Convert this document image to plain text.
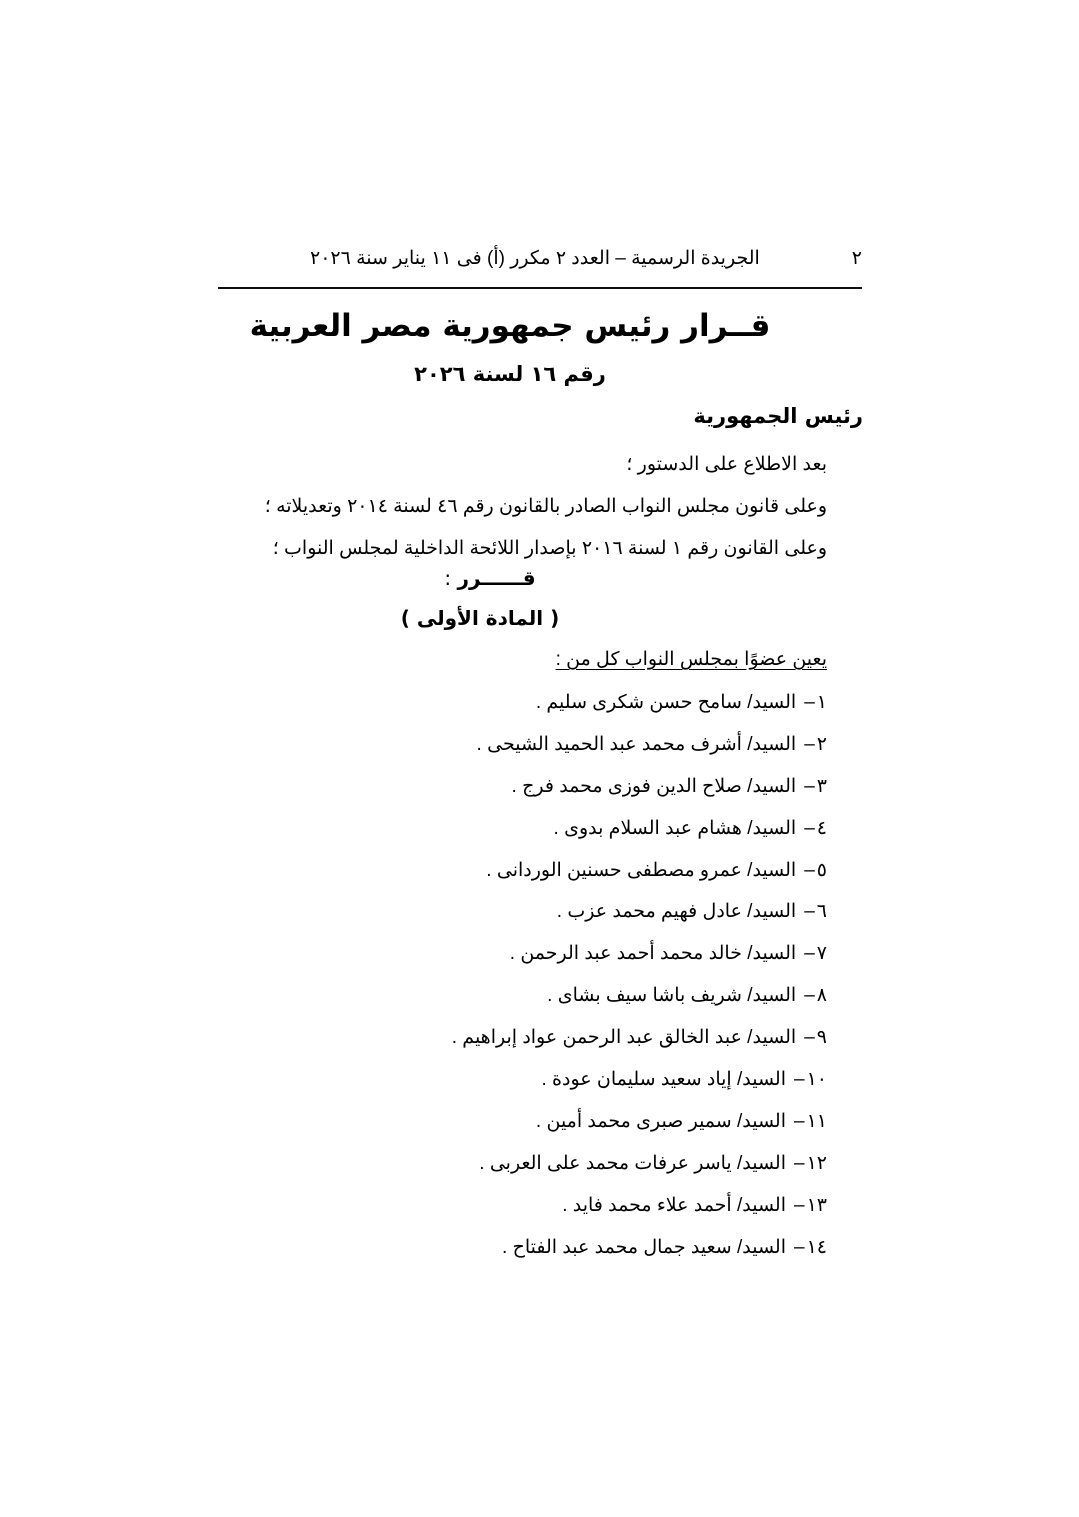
٢
الجريدة الرسمية – العدد ٢ مكرر (أ) فى ١١ يناير سنة ٢٠٢٦
قــرار رئيس جمهورية مصر العربية
رقم ١٦ لسنة ٢٠٢٦
رئيس الجمهورية
بعد الاطلاع على الدستور ؛
وعلى قانون مجلس النواب الصادر بالقانون رقم ٤٦ لسنة ٢٠١٤ وتعديلاته ؛
وعلى القانون رقم ١ لسنة ٢٠١٦ بإصدار اللائحة الداخلية لمجلس النواب ؛
قــــــرر :
( المادة الأولى )
يعين عضوًا بمجلس النواب كل من :
١–السيد/ سامح حسن شكرى سليم .
٢–السيد/ أشرف محمد عبد الحميد الشيحى .
٣–السيد/ صلاح الدين فوزى محمد فرج .
٤–السيد/ هشام عبد السلام بدوى .
٥–السيد/ عمرو مصطفى حسنين الوردانى .
٦–السيد/ عادل فهيم محمد عزب .
٧–السيد/ خالد محمد أحمد عبد الرحمن .
٨–السيد/ شريف باشا سيف بشاى .
٩–السيد/ عبد الخالق عبد الرحمن عواد إبراهيم .
١٠–السيد/ إياد سعيد سليمان عودة .
١١–السيد/ سمير صبرى محمد أمين .
١٢–السيد/ ياسر عرفات محمد على العربى .
١٣–السيد/ أحمد علاء محمد فايد .
١٤–السيد/ سعيد جمال محمد عبد الفتاح .
